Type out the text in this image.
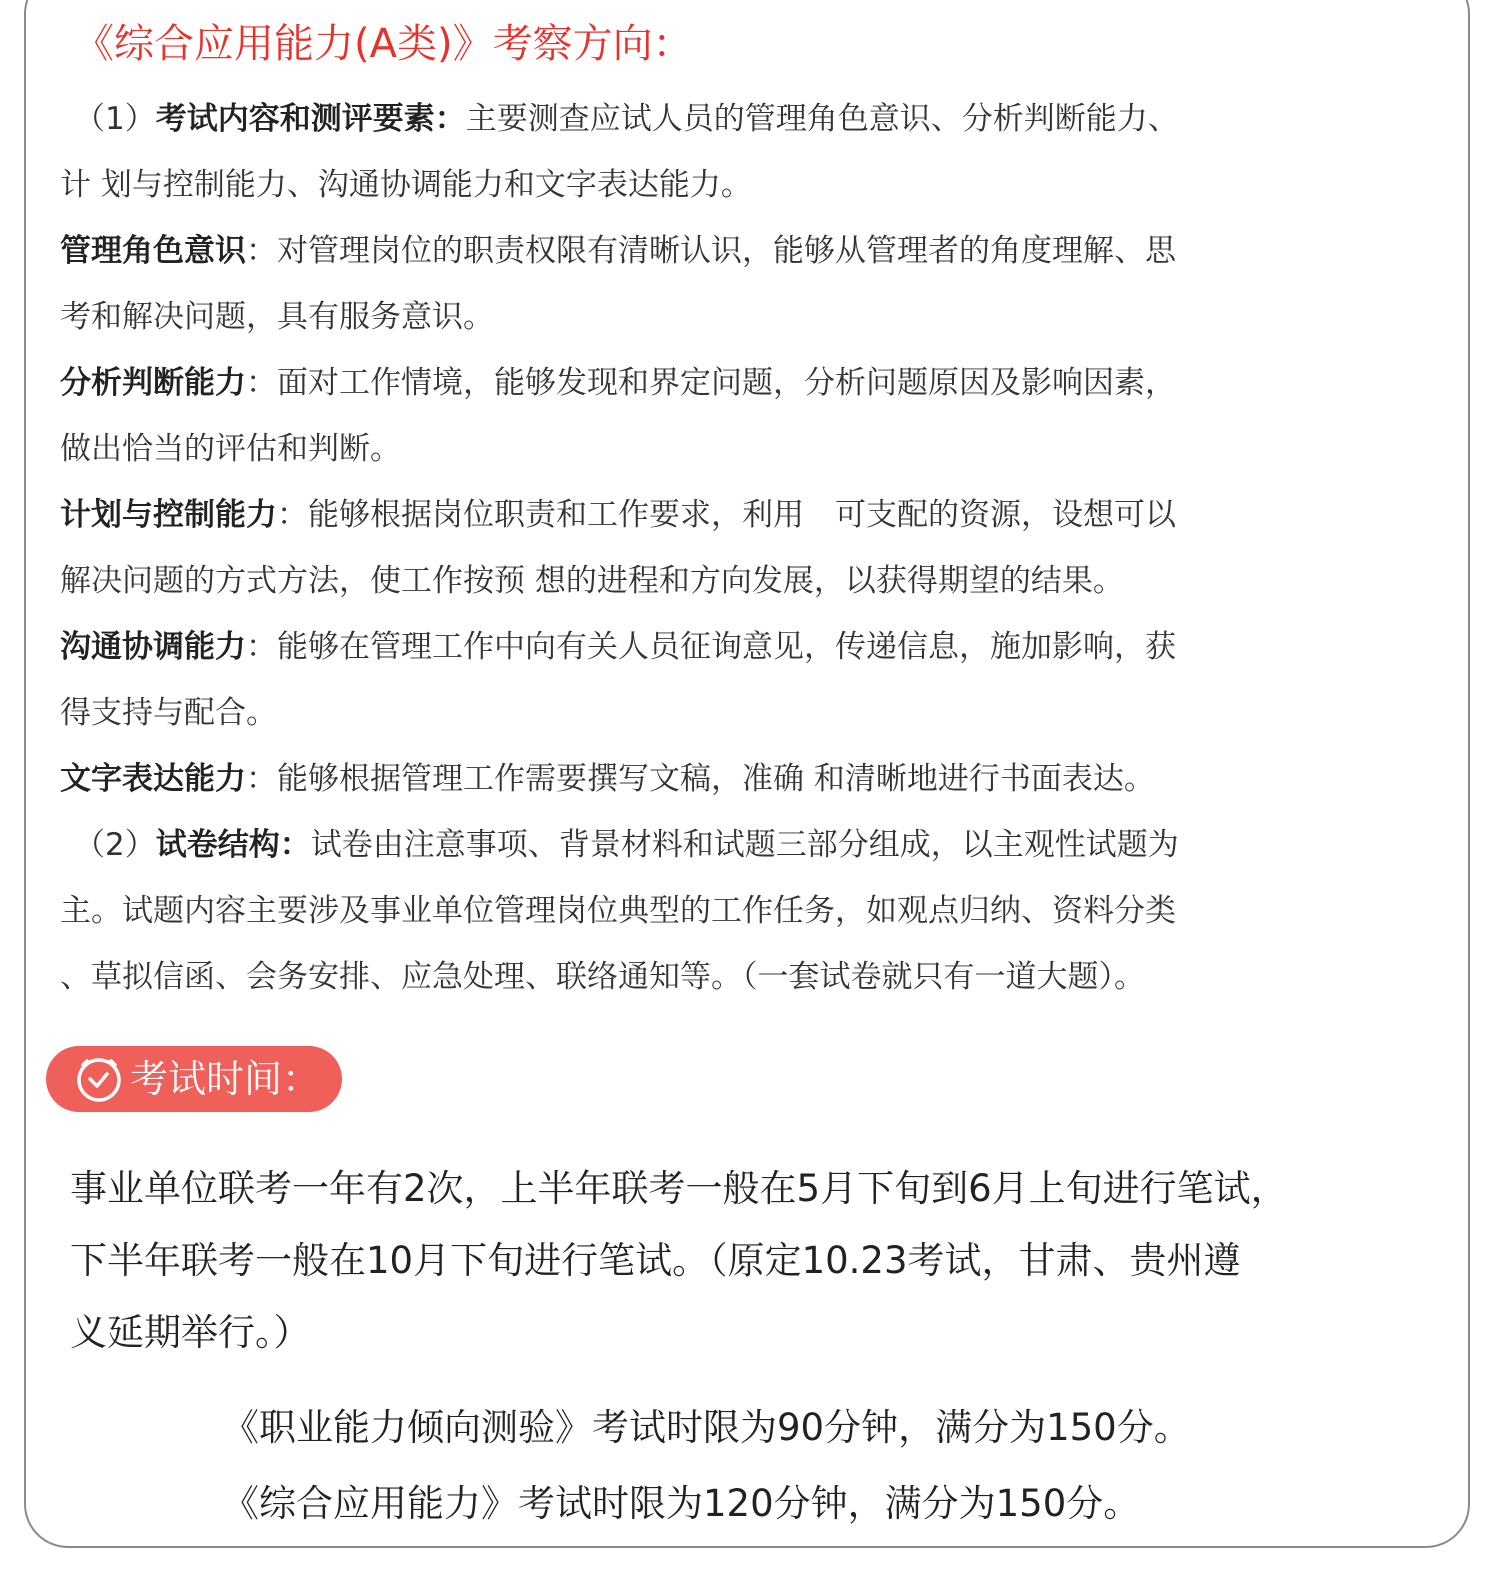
《综合应用能力(A类)》考察方向：

（1）考试内容和测评要素：主要测查应试人员的管理角色意识、分析判断能力、

计 划与控制能力、沟通协调能力和文字表达能力。

管理角色意识：对管理岗位的职责权限有清晰认识，能够从管理者的角度理解、思

考和解决问题，具有服务意识。

分析判断能力：面对工作情境，能够发现和界定问题，分析问题原因及影响因素，

做出恰当的评估和判断。

计划与控制能力：能够根据岗位职责和工作要求，利用　可支配的资源，设想可以

解决问题的方式方法，使工作按预 想的进程和方向发展，以获得期望的结果。

沟通协调能力：能够在管理工作中向有关人员征询意见，传递信息，施加影响，获

得支持与配合。

文字表达能力：能够根据管理工作需要撰写文稿，准确 和清晰地进行书面表达。

（2）试卷结构：试卷由注意事项、背景材料和试题三部分组成，以主观性试题为

主。试题内容主要涉及事业单位管理岗位典型的工作任务，如观点归纳、资料分类

、草拟信函、会务安排、应急处理、联络通知等。（一套试卷就只有一道大题）。

考试时间：

事业单位联考一年有2次，上半年联考一般在5月下旬到6月上旬进行笔试，

下半年联考一般在10月下旬进行笔试。（原定10.23考试，甘肃、贵州遵

义延期举行。）

《职业能力倾向测验》考试时限为90分钟，满分为150分。

《综合应用能力》考试时限为120分钟，满分为150分。
